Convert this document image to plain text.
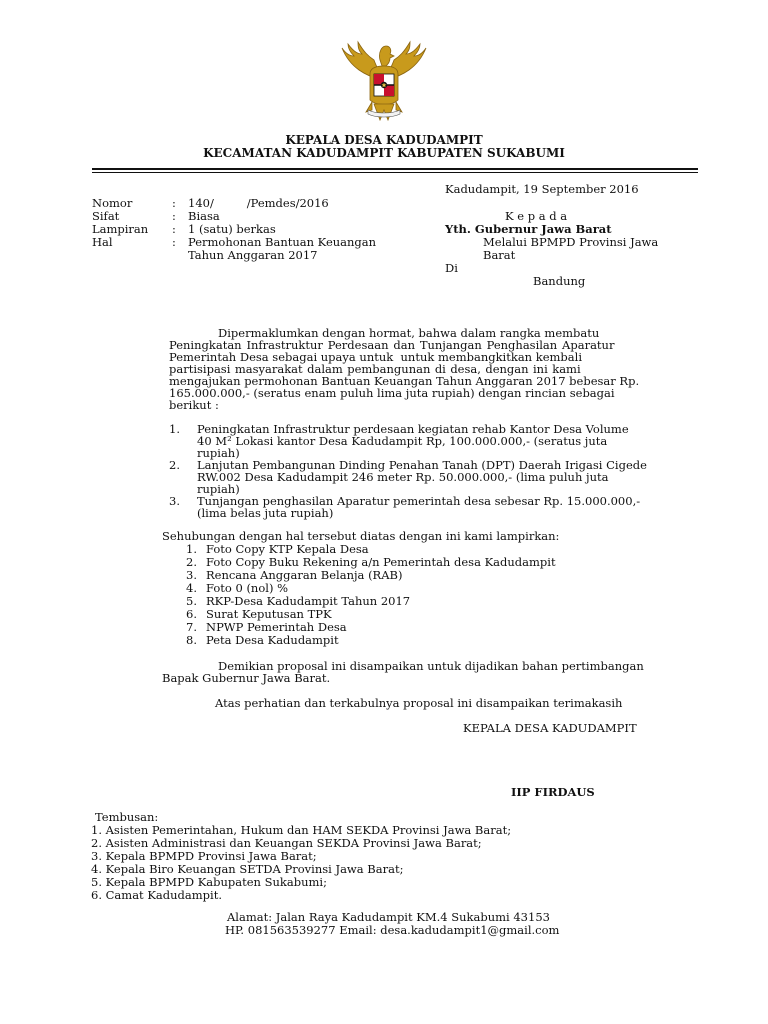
KEPALA DESA KADUDAMPIT
KECAMATAN KADUDAMPIT KABUPATEN SUKABUMI
Kadudampit, 19 September 2016
Nomor	: 140/         /Pemdes/2016
Sifat	: Biasa
Lampiran : 1 (satu) berkas
Hal	: Permohonan Bantuan Keuangan
Tahun Anggaran 2017
K e p a d a
Yth. Gubernur Jawa Barat
Melalui BPMPD Provinsi Jawa
Barat
Di
Bandung
Dipermaklumkan dengan hormat, bahwa dalam rangka membatu
Peningkatan Infrastruktur Perdesaan dan Tunjangan Penghasilan Aparatur
Pemerintah Desa sebagai upaya untuk  untuk membangkitkan kembali
partisipasi masyarakat dalam pembangunan di desa, dengan ini kami
mengajukan permohonan Bantuan Keuangan Tahun Anggaran 2017 bebesar Rp.
165.000.000,- (seratus enam puluh lima juta rupiah) dengan rincian sebagai
berikut :
1. Peningkatan Infrastruktur perdesaan kegiatan rehab Kantor Desa Volume
40 M² Lokasi kantor Desa Kadudampit Rp, 100.000.000,- (seratus juta
rupiah)
2. Lanjutan Pembangunan Dinding Penahan Tanah (DPT) Daerah Irigasi Cigede
RW.002 Desa Kadudampit 246 meter Rp. 50.000.000,- (lima puluh juta
rupiah)
3. Tunjangan penghasilan Aparatur pemerintah desa sebesar Rp. 15.000.000,-
(lima belas juta rupiah)
Sehubungan dengan hal tersebut diatas dengan ini kami lampirkan:
1. Foto Copy KTP Kepala Desa
2. Foto Copy Buku Rekening a/n Pemerintah desa Kadudampit
3. Rencana Anggaran Belanja (RAB)
4. Foto 0 (nol) %
5. RKP-Desa Kadudampit Tahun 2017
6. Surat Keputusan TPK
7. NPWP Pemerintah Desa
8. Peta Desa Kadudampit
Demikian proposal ini disampaikan untuk dijadikan bahan pertimbangan
Bapak Gubernur Jawa Barat.
Atas perhatian dan terkabulnya proposal ini disampaikan terimakasih
KEPALA DESA KADUDAMPIT
IIP FIRDAUS
Tembusan:
1. Asisten Pemerintahan, Hukum dan HAM SEKDA Provinsi Jawa Barat;
2. Asisten Administrasi dan Keuangan SEKDA Provinsi Jawa Barat;
3. Kepala BPMPD Provinsi Jawa Barat;
4. Kepala Biro Keuangan SETDA Provinsi Jawa Barat;
5. Kepala BPMPD Kabupaten Sukabumi;
6. Camat Kadudampit.
Alamat: Jalan Raya Kadudampit KM.4 Sukabumi 43153
HP. 081563539277 Email: desa.kadudampit1@gmail.com
